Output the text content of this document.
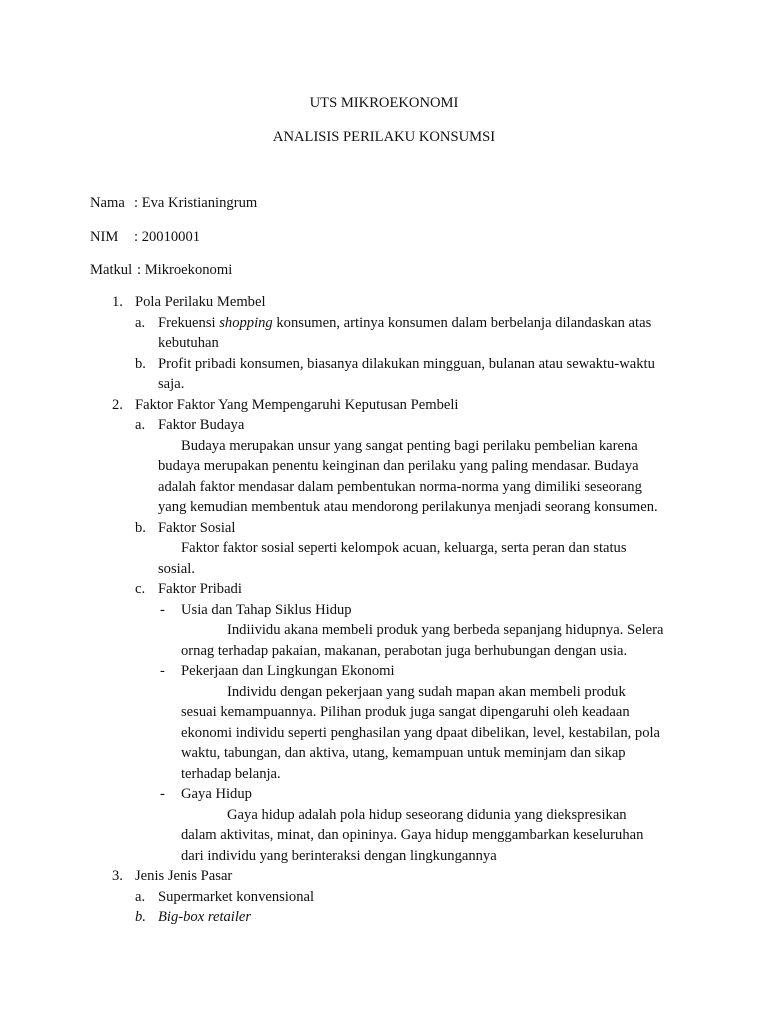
UTS MIKROEKONOMI
ANALISIS PERILAKU KONSUMSI
Nama : Eva Kristianingrum
NIM : 20010001
Matkul : Mikroekonomi
1. Pola Perilaku Membel
a. Frekuensi shopping konsumen, artinya konsumen dalam berbelanja dilandaskan atas
kebutuhan
b. Profit pribadi konsumen, biasanya dilakukan mingguan, bulanan atau sewaktu-waktu
saja.
2. Faktor Faktor Yang Mempengaruhi Keputusan Pembeli
a. Faktor Budaya
Budaya merupakan unsur yang sangat penting bagi perilaku pembelian karena
budaya merupakan penentu keinginan dan perilaku yang paling mendasar. Budaya
adalah faktor mendasar dalam pembentukan norma-norma yang dimiliki seseorang
yang kemudian membentuk atau mendorong perilakunya menjadi seorang konsumen.
b. Faktor Sosial
Faktor faktor sosial seperti kelompok acuan, keluarga, serta peran dan status
sosial.
c. Faktor Pribadi
- Usia dan Tahap Siklus Hidup
Indiividu akana membeli produk yang berbeda sepanjang hidupnya. Selera
ornag terhadap pakaian, makanan, perabotan juga berhubungan dengan usia.
- Pekerjaan dan Lingkungan Ekonomi
Individu dengan pekerjaan yang sudah mapan akan membeli produk
sesuai kemampuannya. Pilihan produk juga sangat dipengaruhi oleh keadaan
ekonomi individu seperti penghasilan yang dpaat dibelikan, level, kestabilan, pola
waktu, tabungan, dan aktiva, utang, kemampuan untuk meminjam dan sikap
terhadap belanja.
- Gaya Hidup
Gaya hidup adalah pola hidup seseorang didunia yang diekspresikan
dalam aktivitas, minat, dan opininya. Gaya hidup menggambarkan keseluruhan
dari individu yang berinteraksi dengan lingkungannya
3. Jenis Jenis Pasar
a. Supermarket konvensional
b. Big-box retailer
